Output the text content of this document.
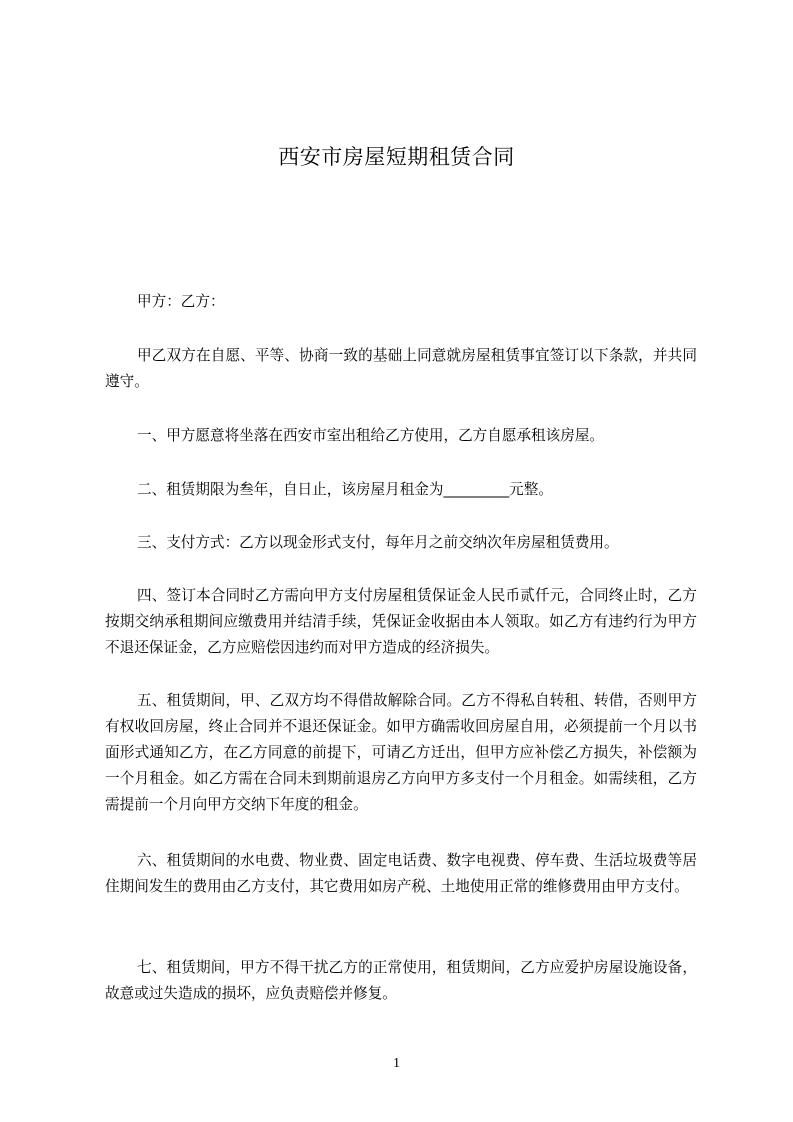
西安市房屋短期租赁合同

甲方：乙方：

甲乙双方在自愿、平等、协商一致的基础上同意就房屋租赁事宜签订以下条款，并共同遵守。

一、甲方愿意将坐落在西安市室出租给乙方使用，乙方自愿承租该房屋。

二、租赁期限为叁年，自日止，该房屋月租金为_________元整。

三、支付方式：乙方以现金形式支付，每年月之前交纳次年房屋租赁费用。

四、签订本合同时乙方需向甲方支付房屋租赁保证金人民币贰仟元，合同终止时，乙方按期交纳承租期间应缴费用并结清手续，凭保证金收据由本人领取。如乙方有违约行为甲方不退还保证金，乙方应赔偿因违约而对甲方造成的经济损失。

五、租赁期间，甲、乙双方均不得借故解除合同。乙方不得私自转租、转借，否则甲方有权收回房屋，终止合同并不退还保证金。如甲方确需收回房屋自用，必须提前一个月以书面形式通知乙方，在乙方同意的前提下，可请乙方迁出，但甲方应补偿乙方损失，补偿额为一个月租金。如乙方需在合同未到期前退房乙方向甲方多支付一个月租金。如需续租，乙方需提前一个月向甲方交纳下年度的租金。

六、租赁期间的水电费、物业费、固定电话费、数字电视费、停车费、生活垃圾费等居住期间发生的费用由乙方支付，其它费用如房产税、土地使用正常的维修费用由甲方支付。

七、租赁期间，甲方不得干扰乙方的正常使用，租赁期间，乙方应爱护房屋设施设备，故意或过失造成的损坏，应负责赔偿并修复。

1
